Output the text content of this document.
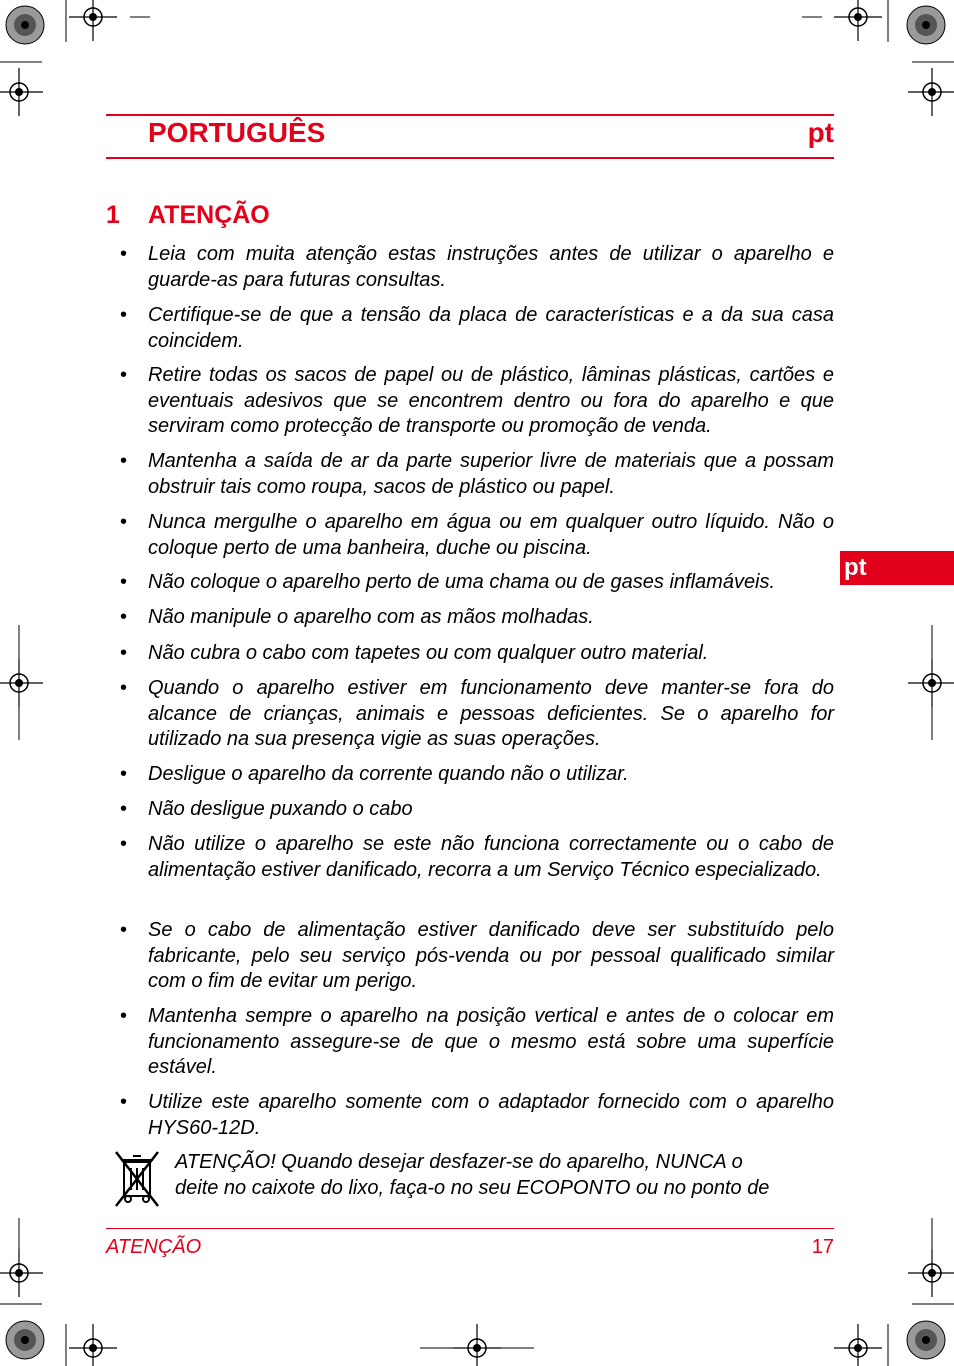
PORTUGUÊS	pt
pt
1 ATENÇÃO
• Leia com muita atenção estas instruções antes de utilizar o aparelho e guarde-as para futuras consultas.
• Certifique-se de que a tensão da placa de características e a da sua casa coincidem.
• Retire todas os sacos de papel ou de plástico, lâminas plásticas, cartões e eventuais adesivos que se encontrem dentro ou fora do aparelho e que serviram como protecção de transporte ou promoção de venda.
• Mantenha a saída de ar da parte superior livre de materiais que a possam obstruir tais como roupa, sacos de plástico ou papel.
• Nunca mergulhe o aparelho em água ou em qualquer outro líquido. Não o coloque perto de uma banheira, duche ou piscina.
• Não coloque o aparelho perto de uma chama ou de gases inflamáveis.
• Não manipule o aparelho com as mãos molhadas.
• Não cubra o cabo com tapetes ou com qualquer outro material.
• Quando o aparelho estiver em funcionamento deve manter-se fora do alcance de crianças, animais e pessoas deficientes. Se o aparelho for utilizado na sua presença vigie as suas operações.
• Desligue o aparelho da corrente quando não o utilizar.
• Não desligue puxando o cabo
• Não utilize o aparelho se este não funciona correctamente ou o cabo de alimentação estiver danificado, recorra a um Serviço Técnico especializado.
• Se o cabo de alimentação estiver danificado deve ser substituído pelo fabricante, pelo seu serviço pós-venda ou por pessoal qualificado similar com o fim de evitar um perigo.
• Mantenha sempre o aparelho na posição vertical e antes de o colocar em funcionamento assegure-se de que o mesmo está sobre uma superfície estável.
• Utilize este aparelho somente com o adaptador fornecido com o aparelho HYS60-12D.
ATENÇÃO! Quando desejar desfazer-se do aparelho, NUNCA o
deite no caixote do lixo, faça-o no seu ECOPONTO ou no ponto de
ATENÇÃO	17
